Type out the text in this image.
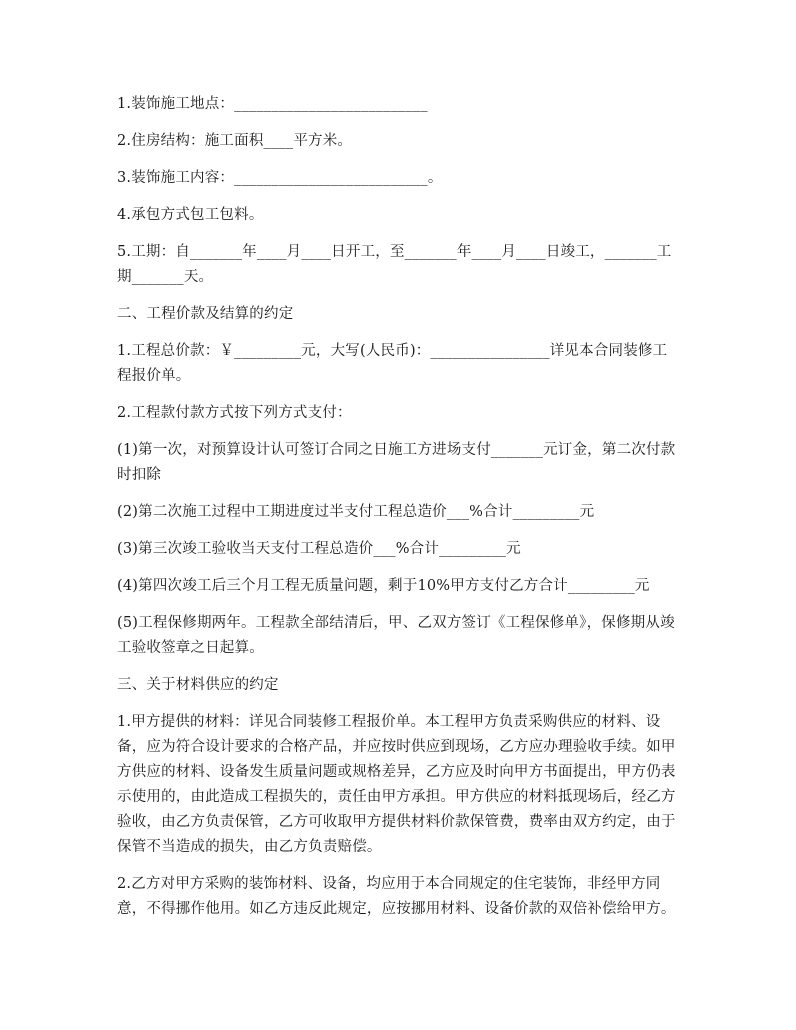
1.装饰施工地点：__________________________

2.住房结构：施工面积____平方米。

3.装饰施工内容：__________________________。

4.承包方式包工包料。

5.工期：自_______年____月____日开工，至_______年____月____日竣工，_______工期_______天。

二、工程价款及结算的约定

1.工程总价款：￥_________元，大写(人民币)：________________详见本合同装修工程报价单。

2.工程款付款方式按下列方式支付：

(1)第一次，对预算设计认可签订合同之日施工方进场支付_______元订金，第二次付款时扣除

(2)第二次施工过程中工期进度过半支付工程总造价___%合计_________元

(3)第三次竣工验收当天支付工程总造价___%合计_________元

(4)第四次竣工后三个月工程无质量问题，剩于10%甲方支付乙方合计_________元

(5)工程保修期两年。工程款全部结清后，甲、乙双方签订《工程保修单》，保修期从竣工验收签章之日起算。

三、关于材料供应的约定

1.甲方提供的材料：详见合同装修工程报价单。本工程甲方负责采购供应的材料、设备，应为符合设计要求的合格产品，并应按时供应到现场，乙方应办理验收手续。如甲方供应的材料、设备发生质量问题或规格差异，乙方应及时向甲方书面提出，甲方仍表示使用的，由此造成工程损失的，责任由甲方承担。甲方供应的材料抵现场后，经乙方验收，由乙方负责保管，乙方可收取甲方提供材料价款保管费，费率由双方约定，由于保管不当造成的损失，由乙方负责赔偿。

2.乙方对甲方采购的装饰材料、设备，均应用于本合同规定的住宅装饰，非经甲方同意，不得挪作他用。如乙方违反此规定，应按挪用材料、设备价款的双倍补偿给甲方。
